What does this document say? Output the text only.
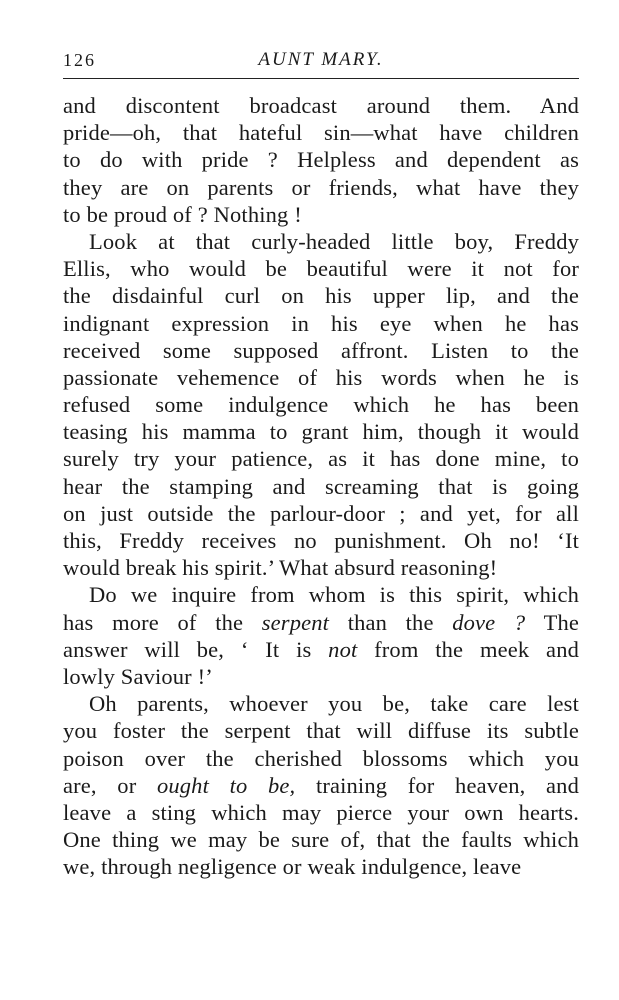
126	AUNT MARY.
and discontent broadcast around them. And
pride—oh, that hateful sin—what have children
to do with pride ? Helpless and dependent as
they are on parents or friends, what have they
to be proud of ? Nothing !
Look at that curly-headed little boy, Freddy
Ellis, who would be beautiful were it not for
the disdainful curl on his upper lip, and the
indignant expression in his eye when he has
received some supposed affront. Listen to the
passionate vehemence of his words when he is
refused some indulgence which he has been
teasing his mamma to grant him, though it would
surely try your patience, as it has done mine, to
hear the stamping and screaming that is going
on just outside the parlour-door ; and yet, for all
this, Freddy receives no punishment. Oh no! ‘It
would break his spirit.’ What absurd reasoning!
Do we inquire from whom is this spirit, which
has more of the serpent than the dove ? The
answer will be, ‘ It is not from the meek and
lowly Saviour !’
Oh parents, whoever you be, take care lest
you foster the serpent that will diffuse its subtle
poison over the cherished blossoms which you
are, or ought to be, training for heaven, and
leave a sting which may pierce your own hearts.
One thing we may be sure of, that the faults which
we, through negligence or weak indulgence, leave
